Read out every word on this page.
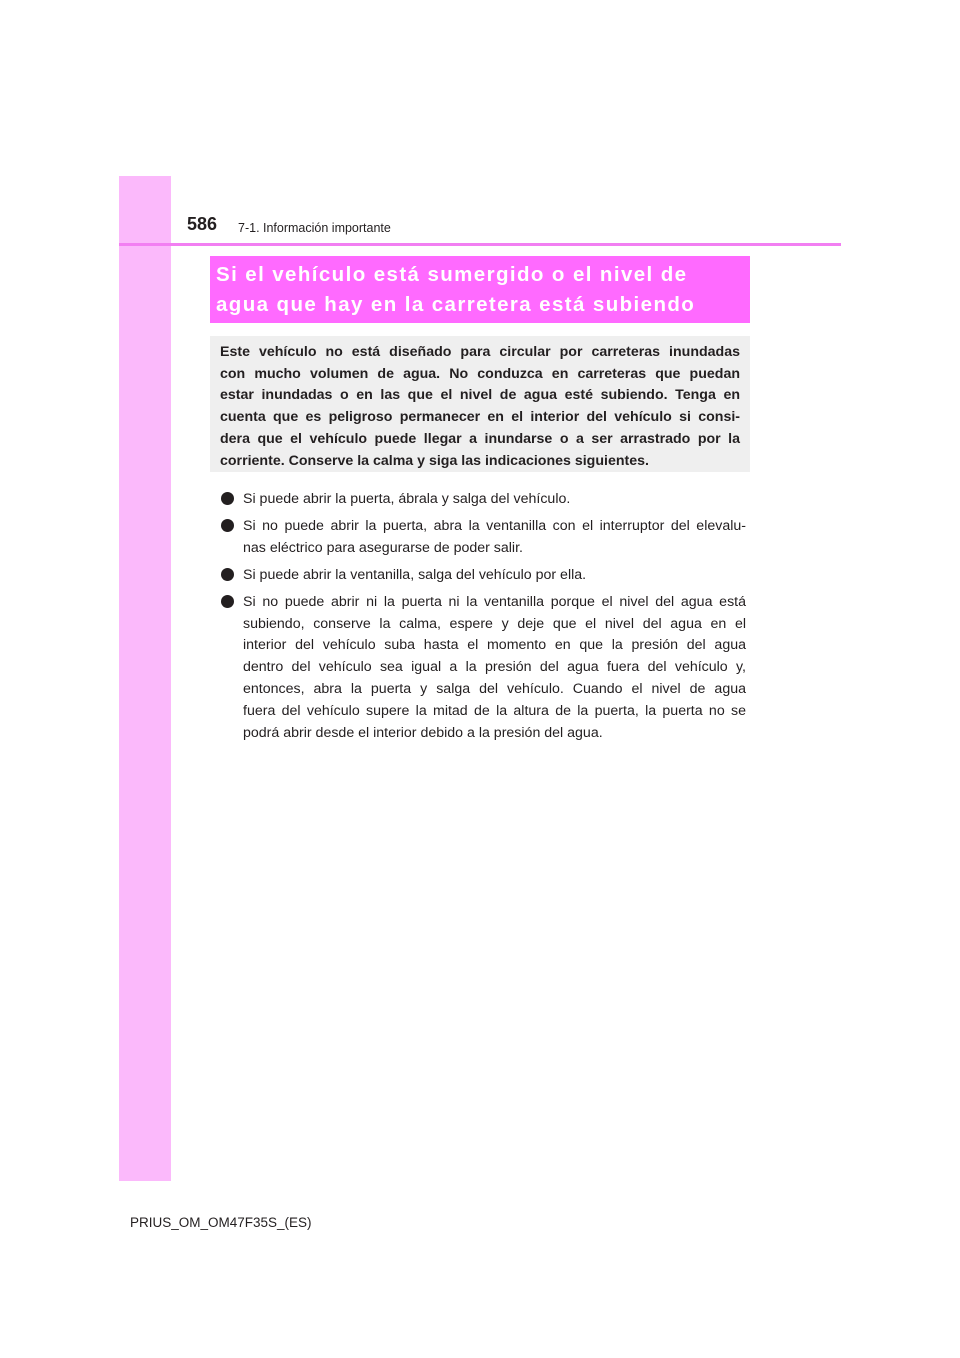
586 7-1. Información importante
Si el vehículo está sumergido o el nivel de
agua que hay en la carretera está subiendo
Este vehículo no está diseñado para circular por carreteras inundadas
con mucho volumen de agua. No conduzca en carreteras que puedan
estar inundadas o en las que el nivel de agua esté subiendo. Tenga en
cuenta que es peligroso permanecer en el interior del vehículo si consi-
dera que el vehículo puede llegar a inundarse o a ser arrastrado por la
corriente. Conserve la calma y siga las indicaciones siguientes.
Si puede abrir la puerta, ábrala y salga del vehículo.
Si no puede abrir la puerta, abra la ventanilla con el interruptor del elevalu-
nas eléctrico para asegurarse de poder salir.
Si puede abrir la ventanilla, salga del vehículo por ella.
Si no puede abrir ni la puerta ni la ventanilla porque el nivel del agua está
subiendo, conserve la calma, espere y deje que el nivel del agua en el
interior del vehículo suba hasta el momento en que la presión del agua
dentro del vehículo sea igual a la presión del agua fuera del vehículo y,
entonces, abra la puerta y salga del vehículo. Cuando el nivel de agua
fuera del vehículo supere la mitad de la altura de la puerta, la puerta no se
podrá abrir desde el interior debido a la presión del agua.
PRIUS_OM_OM47F35S_(ES)
